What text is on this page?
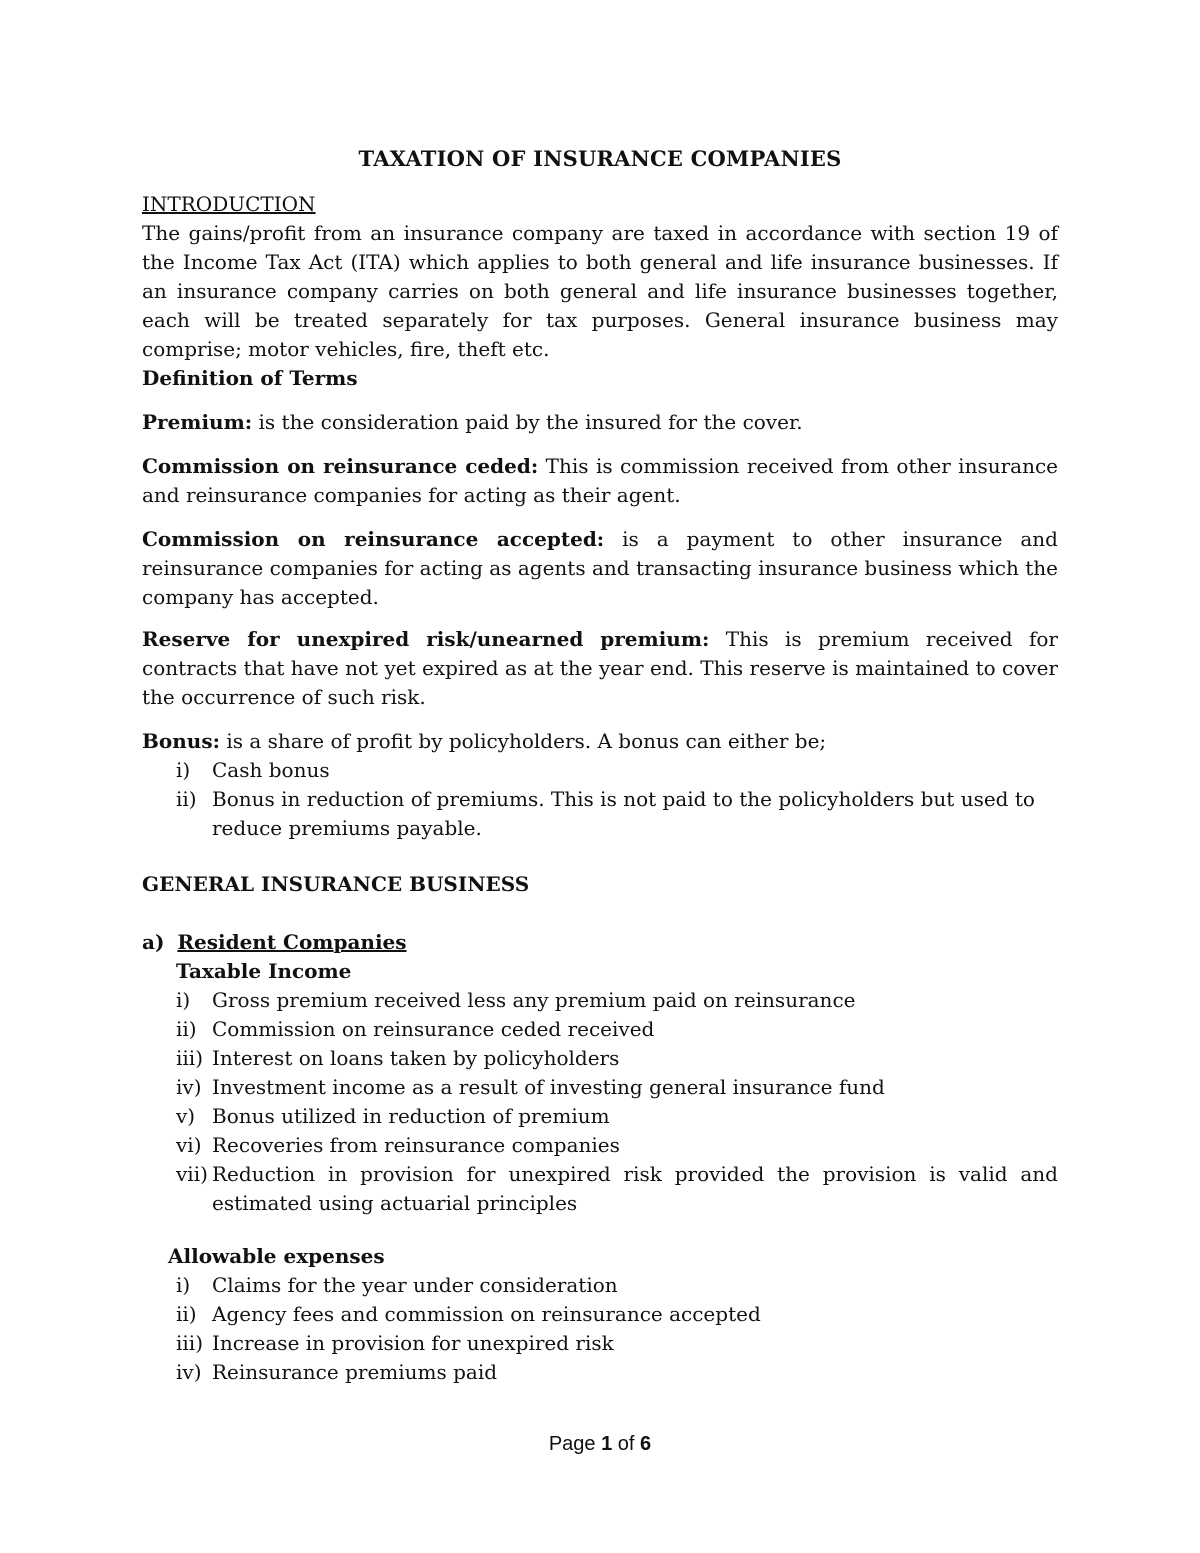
TAXATION OF INSURANCE COMPANIES
INTRODUCTION
The gains/profit from an insurance company are taxed in accordance with section 19 of the Income Tax Act (ITA) which applies to both general and life insurance businesses. If an insurance company carries on both general and life insurance businesses together, each will be treated separately for tax purposes. General insurance business may comprise; motor vehicles, fire, theft etc.
Definition of Terms
Premium: is the consideration paid by the insured for the cover.
Commission on reinsurance ceded: This is commission received from other insurance and reinsurance companies for acting as their agent.
Commission on reinsurance accepted: is a payment to other insurance and reinsurance companies for acting as agents and transacting insurance business which the company has accepted.
Reserve for unexpired risk/unearned premium: This is premium received for contracts that have not yet expired as at the year end. This reserve is maintained to cover the occurrence of such risk.
Bonus: is a share of profit by policyholders. A bonus can either be;
i) Cash bonus
ii) Bonus in reduction of premiums. This is not paid to the policyholders but used to reduce premiums payable.
GENERAL INSURANCE BUSINESS
a) Resident Companies
Taxable Income
i) Gross premium received less any premium paid on reinsurance
ii) Commission on reinsurance ceded received
iii) Interest on loans taken by policyholders
iv) Investment income as a result of investing general insurance fund
v) Bonus utilized in reduction of premium
vi) Recoveries from reinsurance companies
vii) Reduction in provision for unexpired risk provided the provision is valid and estimated using actuarial principles
Allowable expenses
i) Claims for the year under consideration
ii) Agency fees and commission on reinsurance accepted
iii) Increase in provision for unexpired risk
iv) Reinsurance premiums paid
Page 1 of 6
